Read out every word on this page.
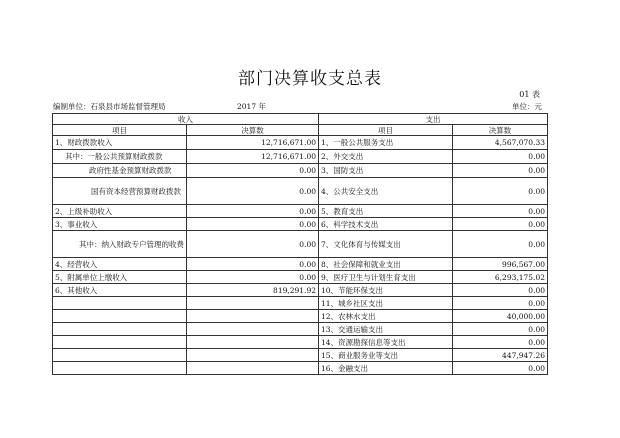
部门决算收支总表
01 表
编制单位：石泉县市场监督管理局	2017 年	单位：元
收入		支出	
项目	决算数	项目	决算数
1、财政拨款收入	12,716,671.00	1、一般公共服务支出	4,567,070.33
其中：一般公共预算财政拨款	12,716,671.00	2、外交支出	0.00
政府性基金预算财政拨款	0.00	3、国防支出	0.00
国有资本经营预算财政拨款	0.00	4、公共安全支出	0.00
2、上级补助收入	0.00	5、教育支出	0.00
3、事业收入	0.00	6、科学技术支出	0.00
其中：纳入财政专户管理的收费	0.00	7、文化体育与传媒支出	0.00
4、经营收入	0.00	8、社会保障和就业支出	996,567.00
5、附属单位上缴收入	0.00	9、医疗卫生与计划生育支出	6,293,175.02
6、其他收入	819,291.92	10、节能环保支出	0.00
		11、城乡社区支出	0.00
		12、农林水支出	40,000.00
		13、交通运输支出	0.00
		14、资源勘探信息等支出	0.00
		15、商业服务业等支出	447,947.26
		16、金融支出	0.00
